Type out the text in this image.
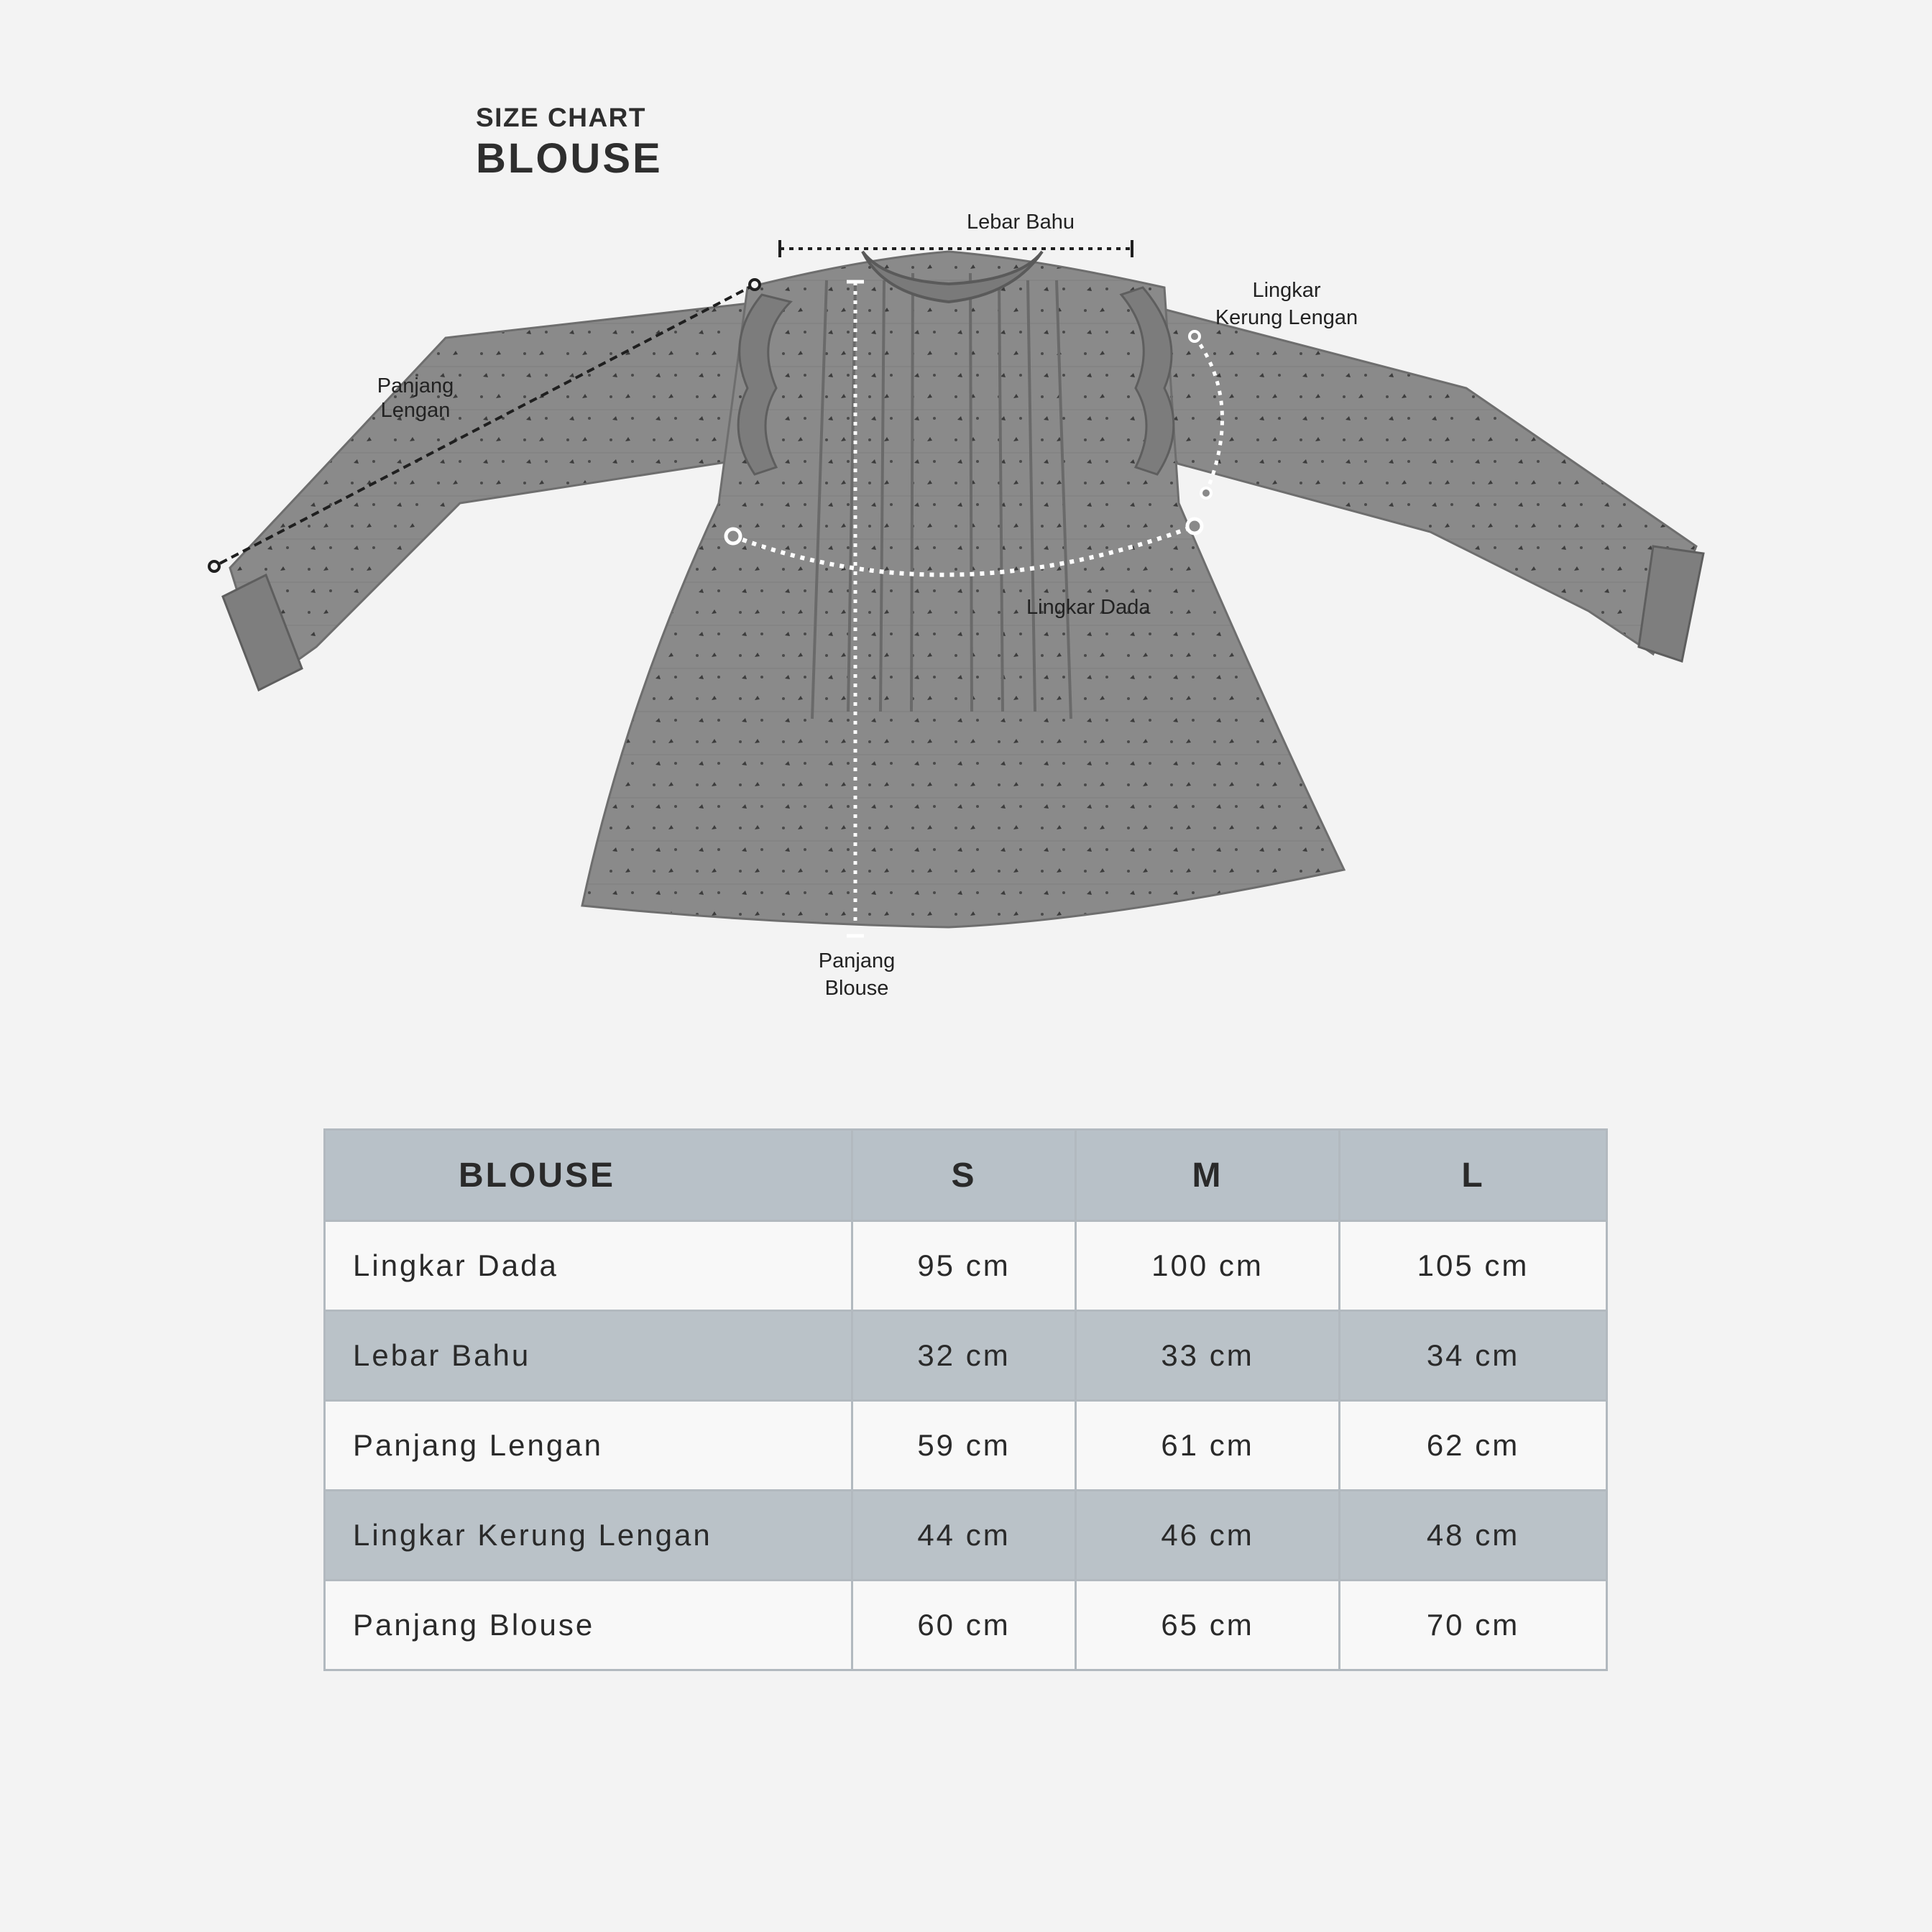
SIZE CHART
BLOUSE
Lebar Bahu
Panjang
Lengan
Lingkar
Kerung Lengan
Lingkar Dada
Panjang
Blouse
BLOUSE	S	M	L
Lingkar Dada	95 cm	100 cm	105 cm
Lebar Bahu	32 cm	33 cm	34 cm
Panjang Lengan	59 cm	61 cm	62 cm
Lingkar Kerung Lengan	44 cm	46 cm	48 cm
Panjang Blouse	60 cm	65 cm	70 cm
